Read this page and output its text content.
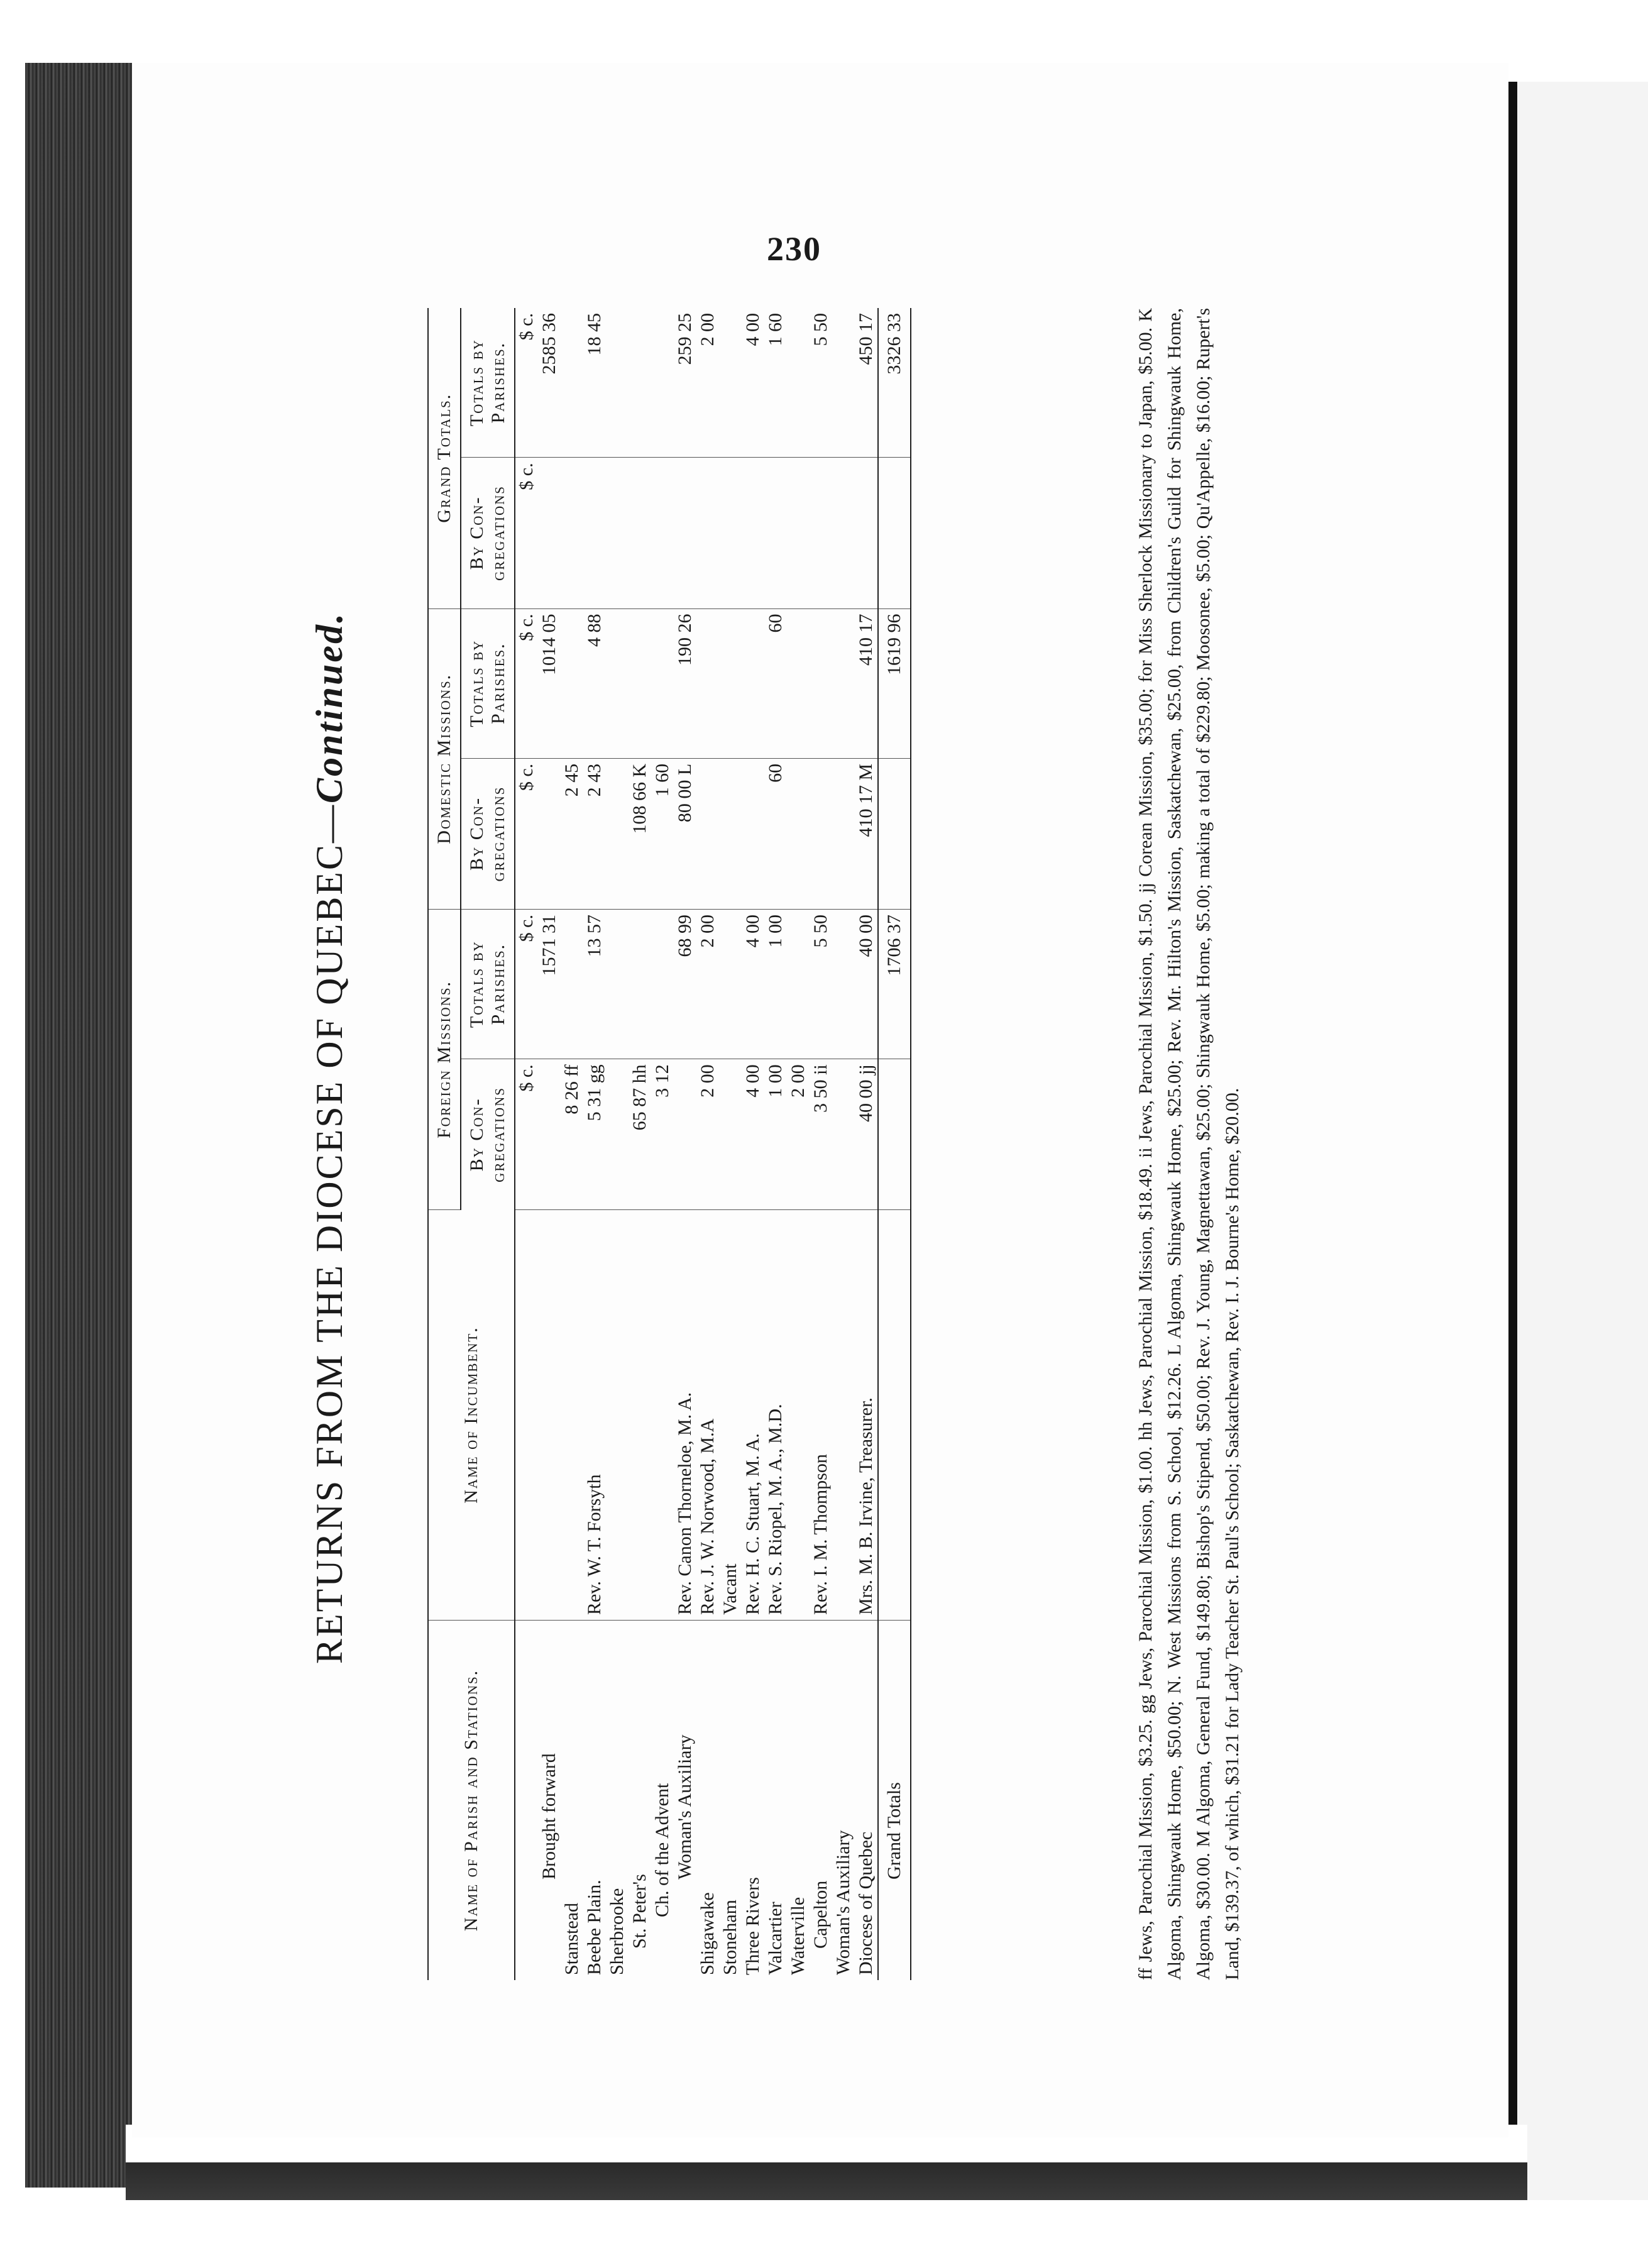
230
RETURNS FROM THE DIOCESE OF QUEBEC—Continued.
Name of Parish and Stations.	Name of Incumbent.	Foreign Missions.		Domestic Missions.		Grand Totals.	
		By Con-gregations	Totals by Parishes.	By Con-gregations	Totals by Parishes.	By Con-gregations	Totals by Parishes.
		$ c.	$ c.	$ c.	$ c.	$ c.	$ c.
Brought forward			1571 31		1014 05		2585 36
Stanstead		8 26 ff		2 45			
Beebe Plain.	Rev. W. T. Forsyth	5 31 gg	13 57	2 43	4 88		18 45
Sherbrooke							
St. Peter's		65 87 hh		108 66 K			
Ch. of the Advent		3 12		1 60			
Woman's Auxiliary	Rev. Canon Thorneloe, M. A.		68 99	80 00 L	190 26		259 25
Shigawake	Rev. J. W. Norwood, M.A	2 00	2 00				2 00
Stoneham	Vacant						
Three Rivers	Rev. H. C. Stuart, M. A.	4 00	4 00				4 00
Valcartier	Rev. S. Riopel, M. A., M.D.	1 00	1 00	60	60		1 60
Waterville		2 00					
Capelton	Rev. I. M. Thompson	3 50 ii	5 50				5 50
Woman's Auxiliary							
Diocese of Quebec	Mrs. M. B. Irvine, Treasurer.	40 00 jj	40 00	410 17 M	410 17		450 17
Grand Totals			1706 37		1619 96		3326 33	ff Jews, Parochial Mission, $3.25. gg Jews, Parochial Mission, $1.00. hh Jews, Parochial Mission, $18.49. ii Jews, Parochial Mission, $1.50. jj Corean Mission, $35.00; for Miss Sherlock Missionary to Japan, $5.00. K Algoma, Shingwauk Home, $50.00; N. West Missions from S. School, $12.26. L Algoma, Shingwauk Home, $25.00; Rev. Mr. Hilton's Mission, Saskatchewan, $25.00, from Children's Guild for Shingwauk Home, Algoma, $30.00. M Algoma, General Fund, $149.80; Bishop's Stipend, $50.00; Rev. J. Young, Magnettawan, $25.00; Shingwauk Home, $5.00; making a total of $229.80; Moosonee, $5.00; Qu'Appelle, $16.00; Rupert's Land, $139.37, of which, $31.21 for Lady Teacher St. Paul's School; Saskatchewan, Rev. I. J. Bourne's Home, $20.00.
